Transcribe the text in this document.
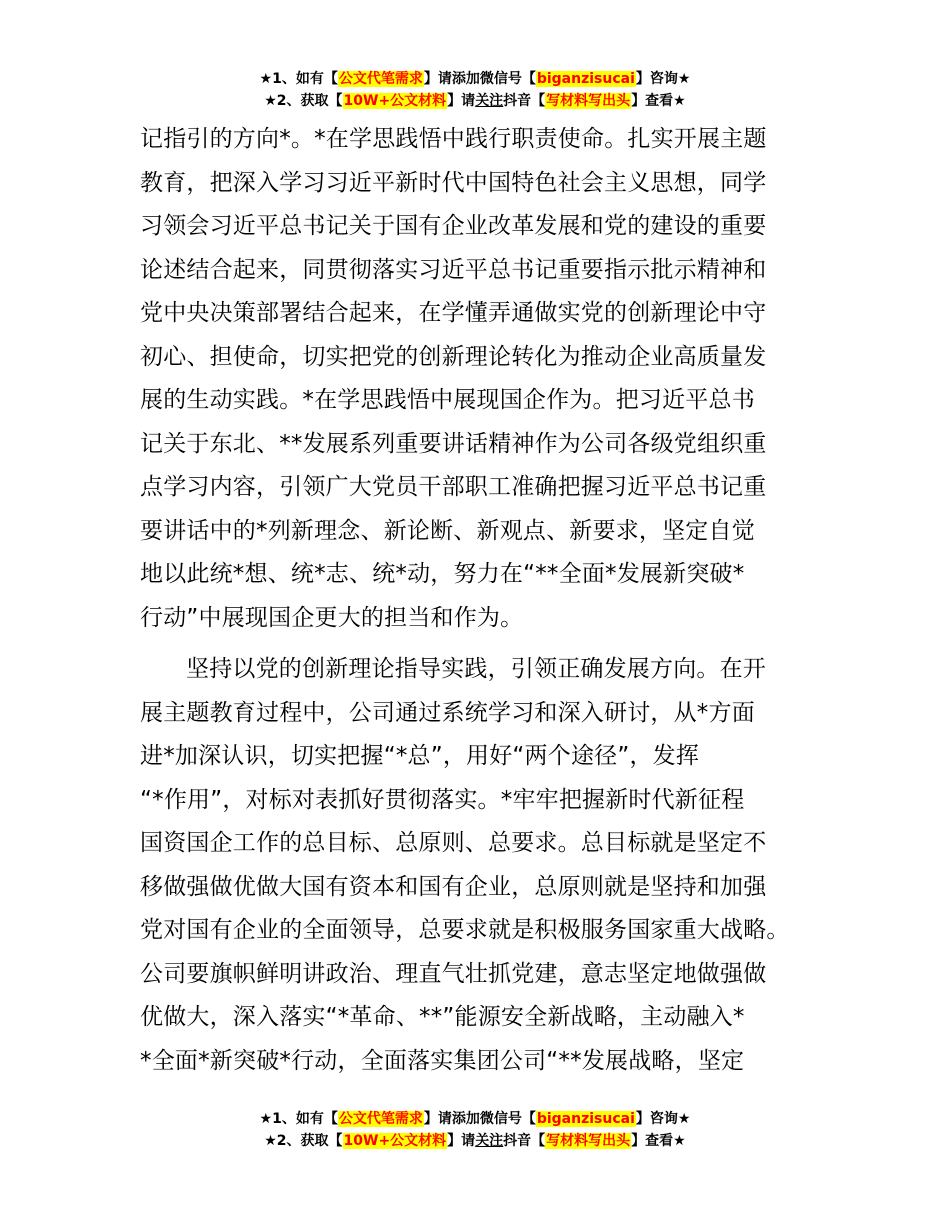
★1、如有【公文代笔需求】请添加微信号【biganzisucai】咨询★
★2、获取【10W+公文材料】请关注抖音【写材料写出头】查看★

记指引的方向*。*在学思践悟中践行职责使命。扎实开展主题
教育，把深入学习习近平新时代中国特色社会主义思想，同学
习领会习近平总书记关于国有企业改革发展和党的建设的重要
论述结合起来，同贯彻落实习近平总书记重要指示批示精神和
党中央决策部署结合起来，在学懂弄通做实党的创新理论中守
初心、担使命，切实把党的创新理论转化为推动企业高质量发
展的生动实践。*在学思践悟中展现国企作为。把习近平总书
记关于东北、**发展系列重要讲话精神作为公司各级党组织重
点学习内容，引领广大党员干部职工准确把握习近平总书记重
要讲话中的*列新理念、新论断、新观点、新要求，坚定自觉
地以此统*想、统*志、统*动，努力在“**全面*发展新突破*
行动”中展现国企更大的担当和作为。

坚持以党的创新理论指导实践，引领正确发展方向。在开
展主题教育过程中，公司通过系统学习和深入研讨，从*方面
进*加深认识，切实把握“*总”，用好“两个途径”，发挥
“*作用”，对标对表抓好贯彻落实。*牢牢把握新时代新征程
国资国企工作的总目标、总原则、总要求。总目标就是坚定不
移做强做优做大国有资本和国有企业，总原则就是坚持和加强
党对国有企业的全面领导，总要求就是积极服务国家重大战略。
公司要旗帜鲜明讲政治、理直气壮抓党建，意志坚定地做强做
优做大，深入落实“*革命、**”能源安全新战略，主动融入*
*全面*新突破*行动，全面落实集团公司“**发展战略，坚定

★1、如有【公文代笔需求】请添加微信号【biganzisucai】咨询★
★2、获取【10W+公文材料】请关注抖音【写材料写出头】查看★
